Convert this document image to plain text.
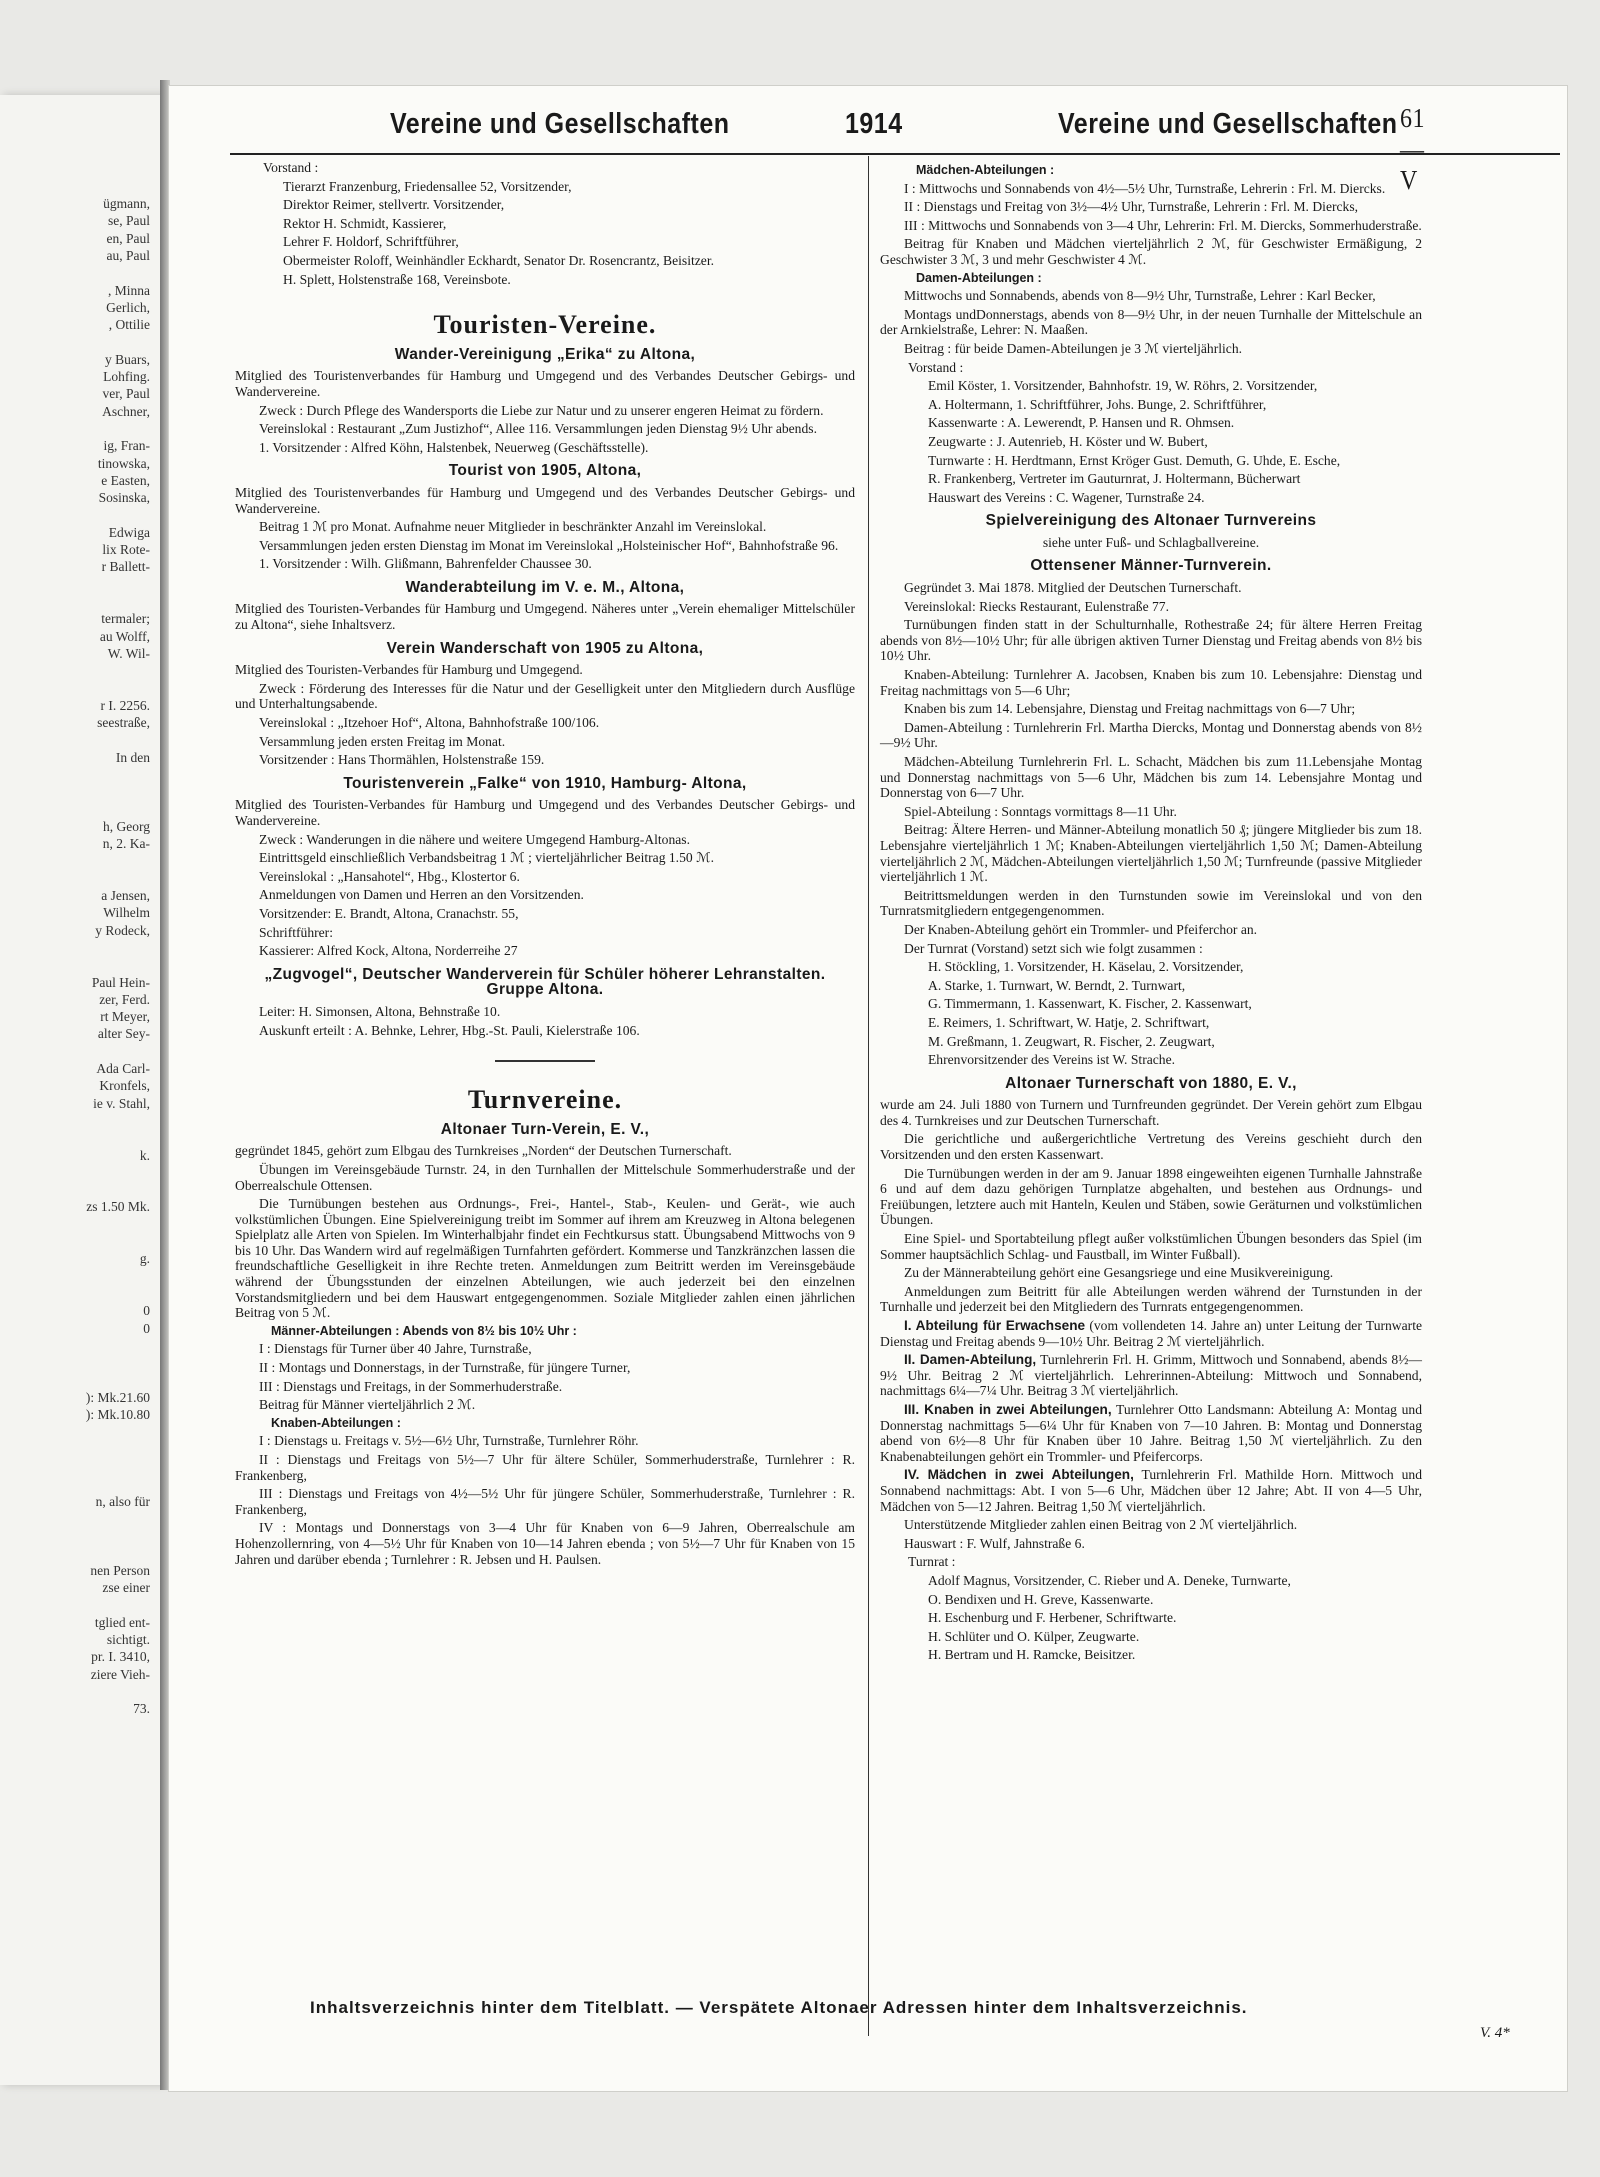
ügmann,
se, Paul
en, Paul
au, Paul
, Minna
Gerlich,
, Ottilie
y Buars,
Lohfing.
ver, Paul
Aschner,
ig, Fran-
tinowska,
e Easten,
Sosinska,
Edwiga
lix Rote-
r Ballett-
termaler;
au Wolff,
W. Wil-
r I. 2256.
seestraße,
In den
h, Georg
n, 2. Ka-
a Jensen,
Wilhelm
y Rodeck,
Paul Hein-
zer, Ferd.
rt Meyer,
alter Sey-
Ada Carl-
Kronfels,
ie v. Stahl,
k.
zs 1.50 Mk.
g.
0
0
): Mk.21.60
): Mk.10.80
n, also für
nen Person
zse einer
tglied ent-
sichtigt.
pr. I. 3410,
ziere Vieh-
73.
Vereine und Gesellschaften	1914	Vereine und Gesellschaften 61—V

Vorstand :

Tierarzt Franzenburg, Friedensallee 52, Vorsitzender,

Direktor Reimer, stellvertr. Vorsitzender,

Rektor H. Schmidt, Kassierer,

Lehrer F. Holdorf, Schriftführer,

Obermeister Roloff, Weinhändler Eckhardt, Senator Dr. Rosencrantz, Beisitzer.

H. Splett, Holstenstraße 168, Vereinsbote.

Touristen-Vereine.
Wander-Vereinigung „Erika“ zu Altona,

Mitglied des Touristenverbandes für Hamburg und Umgegend und des Verbandes Deutscher Gebirgs- und Wandervereine.

Zweck : Durch Pflege des Wandersports die Liebe zur Natur und zu unserer engeren Heimat zu fördern.

Vereinslokal : Restaurant „Zum Justizhof“, Allee 116. Versammlungen jeden Dienstag 9½ Uhr abends.

1. Vorsitzender : Alfred Köhn, Halstenbek, Neuerweg (Geschäftsstelle).

Tourist von 1905, Altona,

Mitglied des Touristenverbandes für Hamburg und Umgegend und des Verbandes Deutscher Gebirgs- und Wandervereine.

Beitrag 1 ℳ pro Monat. Aufnahme neuer Mitglieder in beschränkter Anzahl im Vereinslokal.

Versammlungen jeden ersten Dienstag im Monat im Vereinslokal „Holsteinischer Hof“, Bahnhofstraße 96.

1. Vorsitzender : Wilh. Glißmann, Bahrenfelder Chaussee 30.

Wanderabteilung im V. e. M., Altona,

Mitglied des Touristen-Verbandes für Hamburg und Umgegend. Näheres unter „Verein ehemaliger Mittelschüler zu Altona“, siehe Inhaltsverz.

Verein Wanderschaft von 1905 zu Altona,

Mitglied des Touristen-Verbandes für Hamburg und Umgegend.

Zweck : Förderung des Interesses für die Natur und der Geselligkeit unter den Mitgliedern durch Ausflüge und Unterhaltungsabende.

Vereinslokal : „Itzehoer Hof“, Altona, Bahnhofstraße 100/106.

Versammlung jeden ersten Freitag im Monat.

Vorsitzender : Hans Thormählen, Holstenstraße 159.

Touristenverein „Falke“ von 1910, Hamburg- Altona,

Mitglied des Touristen-Verbandes für Hamburg und Umgegend und des Verbandes Deutscher Gebirgs- und Wandervereine.

Zweck : Wanderungen in die nähere und weitere Umgegend Hamburg-Altonas.

Eintrittsgeld einschließlich Verbandsbeitrag 1 ℳ ; vierteljährlicher Beitrag 1.50 ℳ.

Vereinslokal : „Hansahotel“, Hbg., Klostertor 6.

Anmeldungen von Damen und Herren an den Vorsitzenden.

Vorsitzender: E. Brandt, Altona, Cranachstr. 55,

Schriftführer:

Kassierer: Alfred Kock, Altona, Norderreihe 27

„Zugvogel“, Deutscher Wanderverein für Schüler höherer Lehranstalten. Gruppe Altona.

Leiter: H. Simonsen, Altona, Behnstraße 10.

Auskunft erteilt : A. Behnke, Lehrer, Hbg.-St. Pauli, Kielerstraße 106.

Turnvereine.
Altonaer Turn-Verein, E. V.,

gegründet 1845, gehört zum Elbgau des Turnkreises „Norden“ der Deutschen Turnerschaft.

Übungen im Vereinsgebäude Turnstr. 24, in den Turnhallen der Mittelschule Sommerhuderstraße und der Oberrealschule Ottensen.

Die Turnübungen bestehen aus Ordnungs-, Frei-, Hantel-, Stab-, Keulen- und Gerät-, wie auch volkstümlichen Übungen. Eine Spielvereinigung treibt im Sommer auf ihrem am Kreuzweg in Altona belegenen Spielplatz alle Arten von Spielen. Im Winterhalbjahr findet ein Fechtkursus statt. Übungsabend Mittwochs von 9 bis 10 Uhr. Das Wandern wird auf regelmäßigen Turnfahrten gefördert. Kommerse und Tanzkränzchen lassen die freundschaftliche Geselligkeit in ihre Rechte treten. Anmeldungen zum Beitritt werden im Vereinsgebäude während der Übungsstunden der einzelnen Abteilungen, wie auch jederzeit bei den einzelnen Vorstandsmitgliedern und bei dem Hauswart entgegengenommen. Soziale Mitglieder zahlen einen jährlichen Beitrag von 5 ℳ.

Männer-Abteilungen : Abends von 8½ bis 10½ Uhr :

I : Dienstags für Turner über 40 Jahre, Turnstraße,

II : Montags und Donnerstags, in der Turnstraße, für jüngere Turner,

III : Dienstags und Freitags, in der Sommerhuderstraße.

Beitrag für Männer vierteljährlich 2 ℳ.

Knaben-Abteilungen :

I : Dienstags u. Freitags v. 5½—6½ Uhr, Turnstraße, Turnlehrer Röhr.

II : Dienstags und Freitags von 5½—7 Uhr für ältere Schüler, Sommerhuderstraße, Turnlehrer : R. Frankenberg,

III : Dienstags und Freitags von 4½—5½ Uhr für jüngere Schüler, Sommerhuderstraße, Turnlehrer : R. Frankenberg,

IV : Montags und Donnerstags von 3—4 Uhr für Knaben von 6—9 Jahren, Oberrealschule am Hohenzollernring, von 4—5½ Uhr für Knaben von 10—14 Jahren ebenda ; von 5½—7 Uhr für Knaben von 15 Jahren und darüber ebenda ; Turnlehrer : R. Jebsen und H. Paulsen.

Mädchen-Abteilungen :

I : Mittwochs und Sonnabends von 4½—5½ Uhr, Turnstraße, Lehrerin : Frl. M. Diercks.

II : Dienstags und Freitag von 3½—4½ Uhr, Turnstraße, Lehrerin : Frl. M. Diercks,

III : Mittwochs und Sonnabends von 3—4 Uhr, Lehrerin: Frl. M. Diercks, Sommerhuderstraße.

Beitrag für Knaben und Mädchen vierteljährlich 2 ℳ, für Geschwister Ermäßigung, 2 Geschwister 3 ℳ, 3 und mehr Geschwister 4 ℳ.

Damen-Abteilungen :

Mittwochs und Sonnabends, abends von 8—9½ Uhr, Turnstraße, Lehrer : Karl Becker,

Montags undDonnerstags, abends von 8—9½ Uhr, in der neuen Turnhalle der Mittelschule an der Arnkielstraße, Lehrer: N. Maaßen.

Beitrag : für beide Damen-Abteilungen je 3 ℳ vierteljährlich.

Vorstand :

Emil Köster, 1. Vorsitzender, Bahnhofstr. 19, W. Röhrs, 2. Vorsitzender,

A. Holtermann, 1. Schriftführer, Johs. Bunge, 2. Schriftführer,

Kassenwarte : A. Lewerendt, P. Hansen und R. Ohmsen.

Zeugwarte : J. Autenrieb, H. Köster und W. Bubert,

Turnwarte : H. Herdtmann, Ernst Kröger Gust. Demuth, G. Uhde, E. Esche,

R. Frankenberg, Vertreter im Gauturnrat, J. Holtermann, Bücherwart

Hauswart des Vereins : C. Wagener, Turnstraße 24.

Spielvereinigung des Altonaer Turnvereins

siehe unter Fuß- und Schlagballvereine.

Ottensener Männer-Turnverein.

Gegründet 3. Mai 1878. Mitglied der Deutschen Turnerschaft.

Vereinslokal: Riecks Restaurant, Eulenstraße 77.

Turnübungen finden statt in der Schulturnhalle, Rothestraße 24; für ältere Herren Freitag abends von 8½—10½ Uhr; für alle übrigen aktiven Turner Dienstag und Freitag abends von 8½ bis 10½ Uhr.

Knaben-Abteilung: Turnlehrer A. Jacobsen, Knaben bis zum 10. Lebensjahre: Dienstag und Freitag nachmittags von 5—6 Uhr;

Knaben bis zum 14. Lebensjahre, Dienstag und Freitag nachmittags von 6—7 Uhr;

Damen-Abteilung : Turnlehrerin Frl. Martha Diercks, Montag und Donnerstag abends von 8½—9½ Uhr.

Mädchen-Abteilung Turnlehrerin Frl. L. Schacht, Mädchen bis zum 11.Lebensjahe Montag und Donnerstag nachmittags von 5—6 Uhr, Mädchen bis zum 14. Lebensjahre Montag und Donnerstag von 6—7 Uhr.

Spiel-Abteilung : Sonntags vormittags 8—11 Uhr.

Beitrag: Ältere Herren- und Männer-Abteilung monatlich 50 ₰; jüngere Mitglieder bis zum 18. Lebensjahre vierteljährlich 1 ℳ; Knaben-Abteilungen vierteljährlich 1,50 ℳ; Damen-Abteilung vierteljährlich 2 ℳ, Mädchen-Abteilungen vierteljährlich 1,50 ℳ; Turnfreunde (passive Mitglieder vierteljährlich 1 ℳ.

Beitrittsmeldungen werden in den Turnstunden sowie im Vereinslokal und von den Turnratsmitgliedern entgegengenommen.

Der Knaben-Abteilung gehört ein Trommler- und Pfeiferchor an.

Der Turnrat (Vorstand) setzt sich wie folgt zusammen :

H. Stöckling, 1. Vorsitzender, H. Käselau, 2. Vorsitzender,

A. Starke, 1. Turnwart, W. Berndt, 2. Turnwart,

G. Timmermann, 1. Kassenwart, K. Fischer, 2. Kassenwart,

E. Reimers, 1. Schriftwart, W. Hatje, 2. Schriftwart,

M. Greßmann, 1. Zeugwart, R. Fischer, 2. Zeugwart,

Ehrenvorsitzender des Vereins ist W. Strache.

Altonaer Turnerschaft von 1880, E. V.,

wurde am 24. Juli 1880 von Turnern und Turnfreunden gegründet. Der Verein gehört zum Elbgau des 4. Turnkreises und zur Deutschen Turnerschaft.

Die gerichtliche und außergerichtliche Vertretung des Vereins geschieht durch den Vorsitzenden und den ersten Kassenwart.

Die Turnübungen werden in der am 9. Januar 1898 eingeweihten eigenen Turnhalle Jahnstraße 6 und auf dem dazu gehörigen Turnplatze abgehalten, und bestehen aus Ordnungs- und Freiübungen, letztere auch mit Hanteln, Keulen und Stäben, sowie Geräturnen und volkstümlichen Übungen.

Eine Spiel- und Sportabteilung pflegt außer volkstümlichen Übungen besonders das Spiel (im Sommer hauptsächlich Schlag- und Faustball, im Winter Fußball).

Zu der Männerabteilung gehört eine Gesangsriege und eine Musikvereinigung.

Anmeldungen zum Beitritt für alle Abteilungen werden während der Turnstunden in der Turnhalle und jederzeit bei den Mitgliedern des Turnrats entgegengenommen.

I. Abteilung für Erwachsene (vom vollendeten 14. Jahre an) unter Leitung der Turnwarte Dienstag und Freitag abends 9—10½ Uhr. Beitrag 2 ℳ vierteljährlich.

II. Damen-Abteilung, Turnlehrerin Frl. H. Grimm, Mittwoch und Sonnabend, abends 8½—9½ Uhr. Beitrag 2 ℳ vierteljährlich. Lehrerinnen-Abteilung: Mittwoch und Sonnabend, nachmittags 6¼—7¼ Uhr. Beitrag 3 ℳ vierteljährlich.

III. Knaben in zwei Abteilungen, Turnlehrer Otto Landsmann: Abteilung A: Montag und Donnerstag nachmittags 5—6¼ Uhr für Knaben von 7—10 Jahren. B: Montag und Donnerstag abend von 6½—8 Uhr für Knaben über 10 Jahre. Beitrag 1,50 ℳ vierteljährlich. Zu den Knabenabteilungen gehört ein Trommler- und Pfeifercorps.

IV. Mädchen in zwei Abteilungen, Turnlehrerin Frl. Mathilde Horn. Mittwoch und Sonnabend nachmittags: Abt. I von 5—6 Uhr, Mädchen über 12 Jahre; Abt. II von 4—5 Uhr, Mädchen von 5—12 Jahren. Beitrag 1,50 ℳ vierteljährlich.

Unterstützende Mitglieder zahlen einen Beitrag von 2 ℳ vierteljährlich.

Hauswart : F. Wulf, Jahnstraße 6.

Turnrat :

Adolf Magnus, Vorsitzender, C. Rieber und A. Deneke, Turnwarte,

O. Bendixen und H. Greve, Kassenwarte.

H. Eschenburg und F. Herbener, Schriftwarte.

H. Schlüter und O. Külper, Zeugwarte.

H. Bertram und H. Ramcke, Beisitzer.

Inhaltsverzeichnis hinter dem Titelblatt. — Verspätete Altonaer Adressen hinter dem Inhaltsverzeichnis.
V. 4*
